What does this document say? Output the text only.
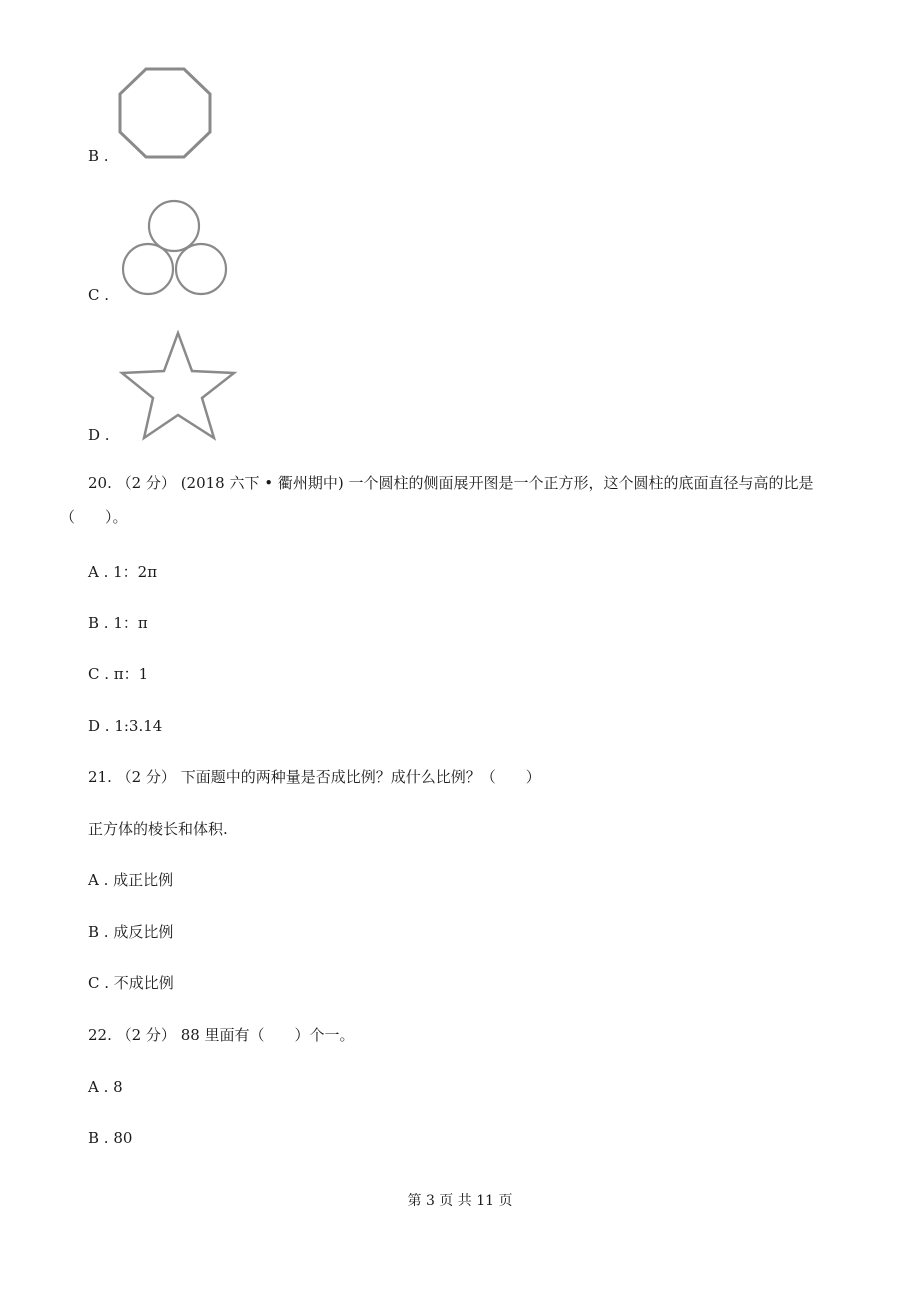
B .
C .
D .
20. （2 分） (2018 六下 • 衢州期中) 一个圆柱的侧面展开图是一个正方形，这个圆柱的底面直径与高的比是
（　　）。
A . 1：2π
B . 1：π
C . π：1
D . 1:3.14
21. （2 分） 下面题中的两种量是否成比例？成什么比例？（　　）
正方体的棱长和体积.
A . 成正比例
B . 成反比例
C . 不成比例
22. （2 分） 88 里面有（　　）个一。
A . 8
B . 80
第 3 页 共 11 页
